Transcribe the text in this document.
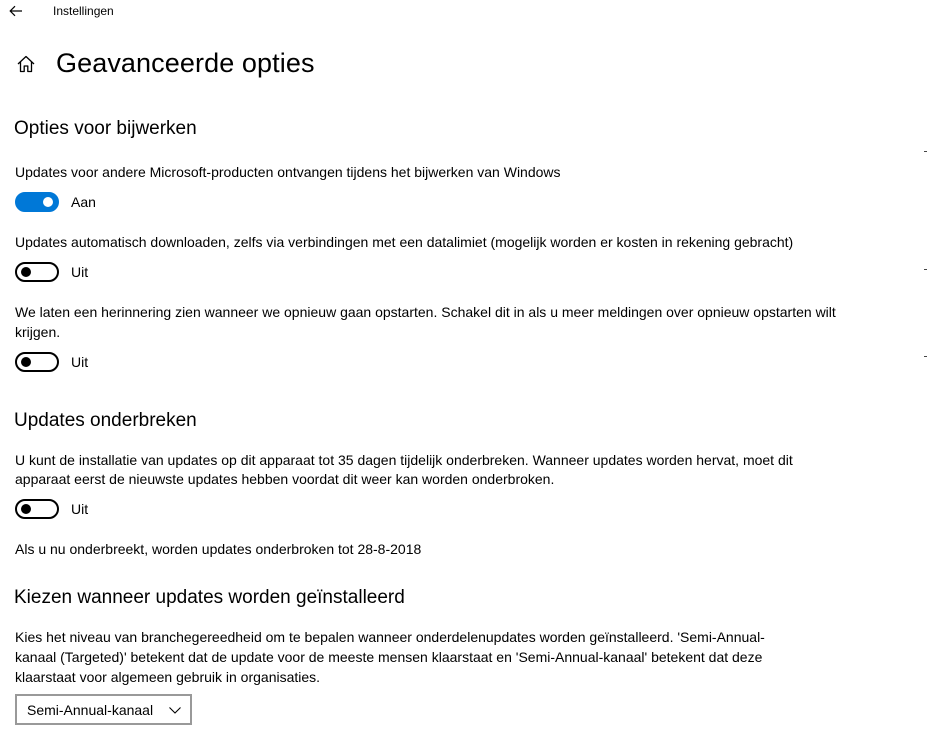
Instellingen
Geavanceerde opties
Opties voor bijwerken
Updates voor andere Microsoft-producten ontvangen tijdens het bijwerken van Windows
Aan
Updates automatisch downloaden, zelfs via verbindingen met een datalimiet (mogelijk worden er kosten in rekening gebracht)
Uit
We laten een herinnering zien wanneer we opnieuw gaan opstarten. Schakel dit in als u meer meldingen over opnieuw opstarten wilt
krijgen.
Uit
Updates onderbreken
U kunt de installatie van updates op dit apparaat tot 35 dagen tijdelijk onderbreken. Wanneer updates worden hervat, moet dit
apparaat eerst de nieuwste updates hebben voordat dit weer kan worden onderbroken.
Uit
Als u nu onderbreekt, worden updates onderbroken tot 28-8-2018
Kiezen wanneer updates worden geïnstalleerd
Kies het niveau van branchegereedheid om te bepalen wanneer onderdelenupdates worden geïnstalleerd. 'Semi-Annual-
kanaal (Targeted)' betekent dat de update voor de meeste mensen klaarstaat en 'Semi-Annual-kanaal' betekent dat deze
klaarstaat voor algemeen gebruik in organisaties.
Semi-Annual-kanaal
